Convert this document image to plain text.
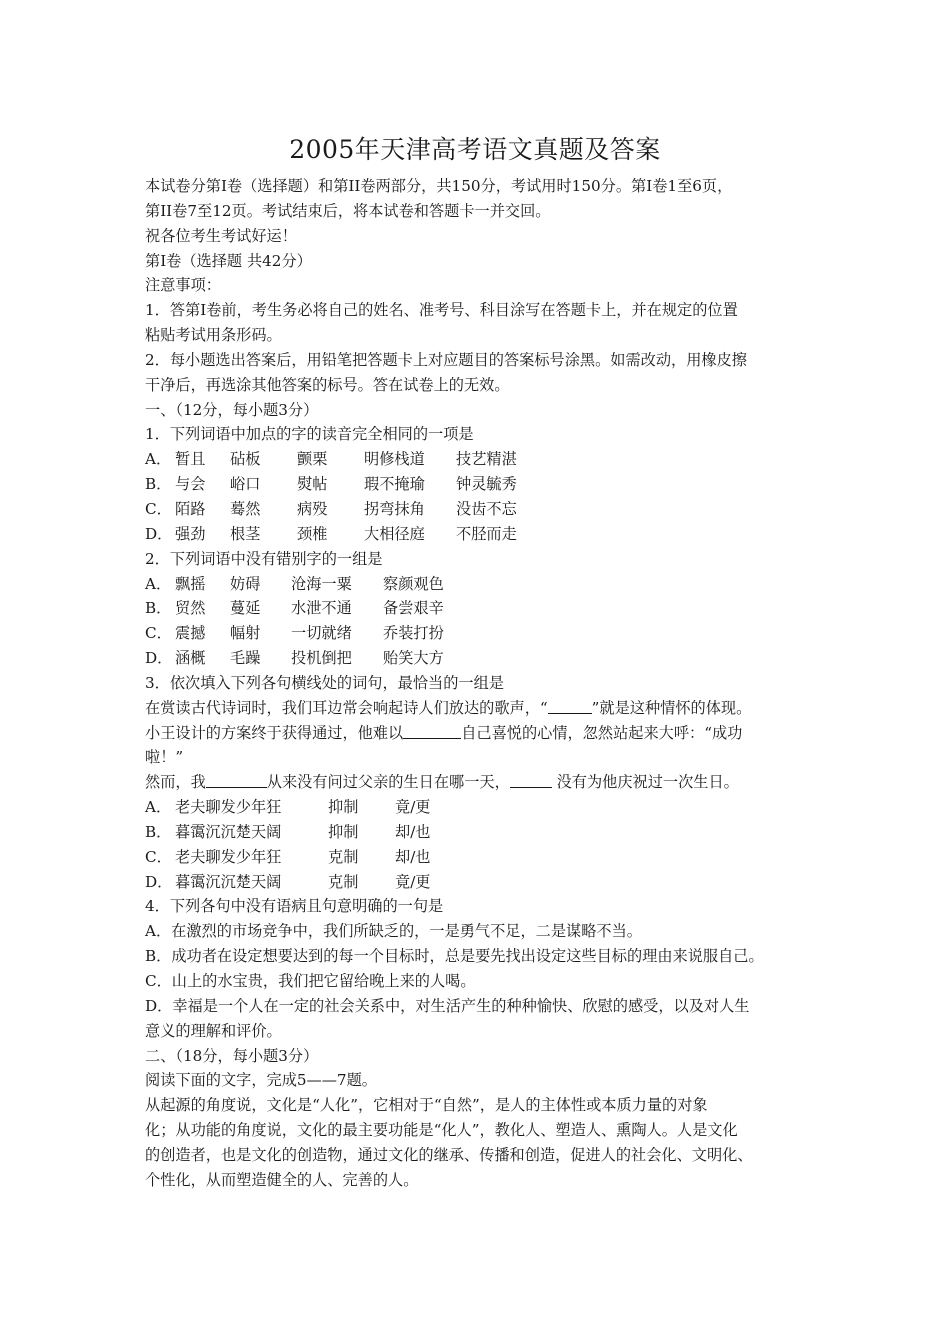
2005年天津高考语文真题及答案
本试卷分第Ⅰ卷（选择题）和第II卷两部分，共150分，考试用时150分。第Ⅰ卷1至6页，
第II卷7至12页。考试结束后，将本试卷和答题卡一并交回。
祝各位考生考试好运！
第Ⅰ卷（选择题 共42分）
注意事项：
1．答第Ⅰ卷前，考生务必将自己的姓名、准考号、科目涂写在答题卡上，并在规定的位置
粘贴考试用条形码。
2．每小题选出答案后，用铅笔把答题卡上对应题目的答案标号涂黑。如需改动，用橡皮擦
干净后，再选涂其他答案的标号。答在试卷上的无效。
一、（12分，每小题3分）
1．下列词语中加点的字的读音完全相同的一项是
A． 暂且 砧板 颤栗 明修栈道 技艺精湛
B． 与会 峪口 熨帖 瑕不掩瑜 钟灵毓秀
C． 陌路 蓦然 病殁 拐弯抹角 没齿不忘
D． 强劲 根茎 颈椎 大相径庭 不胫而走
2．下列词语中没有错别字的一组是
A． 飘摇 妨碍 沧海一粟 察颜观色
B． 贸然 蔓延 水泄不通 备尝艰辛
C． 震撼 幅射 一切就绪 乔装打扮
D． 涵概 毛躁 投机倒把 贻笑大方
3．依次填入下列各句横线处的词句，最恰当的一组是
在赏读古代诗词时，我们耳边常会响起诗人们放达的歌声，“	”就是这种情怀的体现。
小王设计的方案终于获得通过，他难以	自己喜悦的心情，忽然站起来大呼：“成功
啦！”
然而，我	从来没有问过父亲的生日在哪一天，	没有为他庆祝过一次生日。
A． 老夫聊发少年狂	抑制 竟/更
B． 暮霭沉沉楚天阔	抑制 却/也
C． 老夫聊发少年狂	克制 却/也
D． 暮霭沉沉楚天阔	克制 竟/更
4．下列各句中没有语病且句意明确的一句是
A．在激烈的市场竞争中，我们所缺乏的，一是勇气不足，二是谋略不当。
B．成功者在设定想要达到的每一个目标时，总是要先找出设定这些目标的理由来说服自己。
C．山上的水宝贵，我们把它留给晚上来的人喝。
D．幸福是一个人在一定的社会关系中，对生活产生的种种愉快、欣慰的感受，以及对人生
意义的理解和评价。
二、（18分，每小题3分）
阅读下面的文字，完成5——7题。
从起源的角度说，文化是“人化”，它相对于“自然”，是人的主体性或本质力量的对象
化；从功能的角度说，文化的最主要功能是“化人”，教化人、塑造人、熏陶人。人是文化
的创造者，也是文化的创造物，通过文化的继承、传播和创造，促进人的社会化、文明化、
个性化，从而塑造健全的人、完善的人。
